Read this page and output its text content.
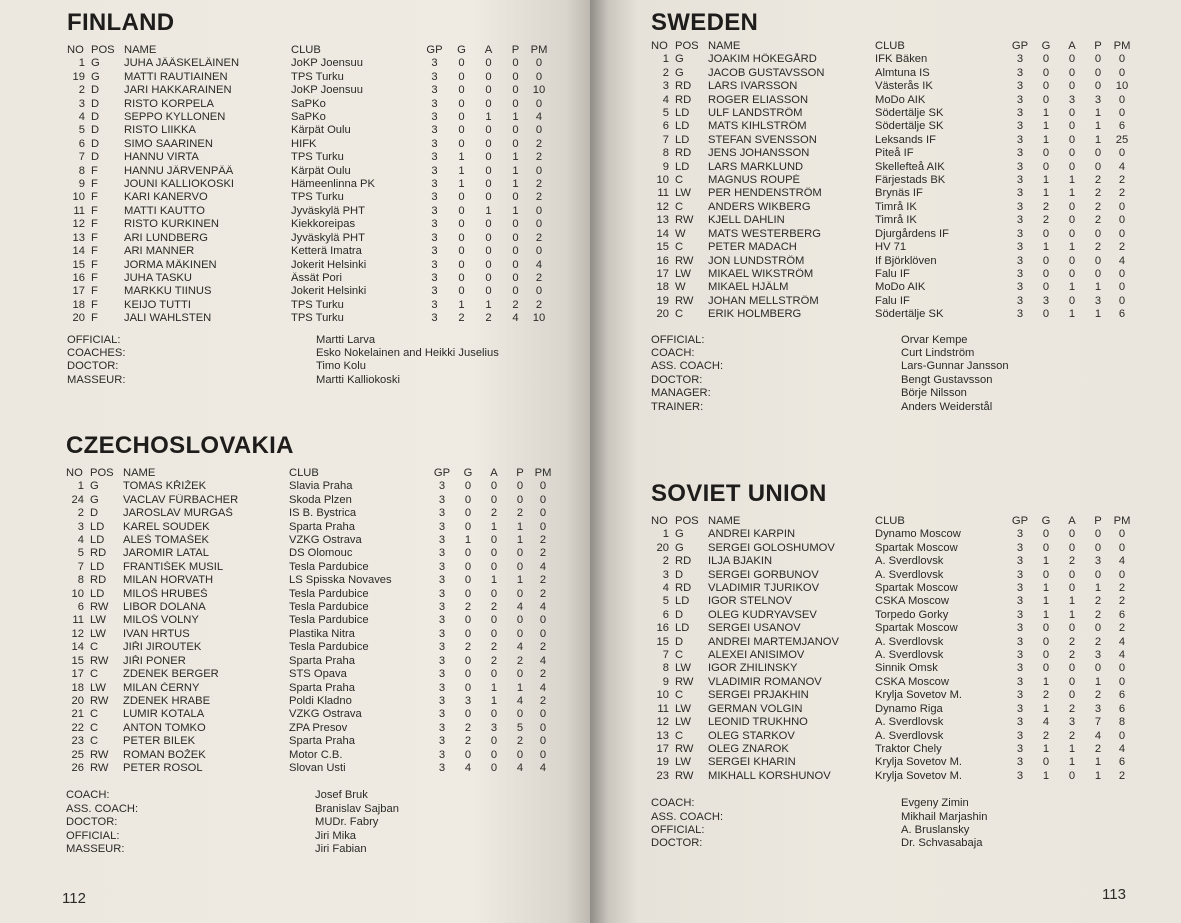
FINLAND
NO	POS	NAME	CLUB	GP	G	A	P	PM
1	G	JUHA JÄÄSKELÄINEN	JoKP Joensuu	3	0	0	0	0
19	G	MATTI RAUTIAINEN	TPS Turku	3	0	0	0	0
2	D	JARI HAKKARAINEN	JoKP Joensuu	3	0	0	0	10
3	D	RISTO KORPELA	SaPKo	3	0	0	0	0
4	D	SEPPO KYLLONEN	SaPKo	3	0	1	1	4
5	D	RISTO LIIKKA	Kärpät Oulu	3	0	0	0	0
6	D	SIMO SAARINEN	HIFK	3	0	0	0	2
7	D	HANNU VIRTA	TPS Turku	3	1	0	1	2
8	F	HANNU JÄRVENPÄÄ	Kärpät Oulu	3	1	0	1	0
9	F	JOUNI KALLIOKOSKI	Hämeenlinna PK	3	1	0	1	2
10	F	KARI KANERVO	TPS Turku	3	0	0	0	2
11	F	MATTI KAUTTO	Jyväskylä PHT	3	0	1	1	0
12	F	RISTO KURKINEN	Kiekkoreipas	3	0	0	0	0
13	F	ARI LUNDBERG	Jyväskylä PHT	3	0	0	0	2
14	F	ARI MANNER	Ketterä Imatra	3	0	0	0	0
15	F	JORMA MÄKINEN	Jokerit Helsinki	3	0	0	0	4
16	F	JUHA TASKU	Ässät Pori	3	0	0	0	2
17	F	MARKKU TIINUS	Jokerit Helsinki	3	0	0	0	0
18	F	KEIJO TUTTI	TPS Turku	3	1	1	2	2
20	F	JALI WAHLSTEN	TPS Turku	3	2	2	4	10
OFFICIAL:	Martti Larva
COACHES:	Esko Nokelainen and Heikki Juselius
DOCTOR:	Timo Kolu
MASSEUR:	Martti Kalliokoski
CZECHOSLOVAKIA
NO	POS	NAME	CLUB	GP	G	A	P	PM
1	G	TOMAS KŘIŽEK	Slavia Praha	3	0	0	0	0
24	G	VACLAV FÜRBACHER	Skoda Plzen	3	0	0	0	0
2	D	JAROSLAV MURGAŠ	IS B. Bystrica	3	0	2	2	0
3	LD	KAREL SOUDEK	Sparta Praha	3	0	1	1	0
4	LD	ALEŠ TOMAŠEK	VZKG Ostrava	3	1	0	1	2
5	RD	JAROMIR LATAL	DS Olomouc	3	0	0	0	2
7	LD	FRANTIŠEK MUSIL	Tesla Pardubice	3	0	0	0	4
8	RD	MILAN HORVATH	LS Spisska Novaves	3	0	1	1	2
10	LD	MILOŠ HRUBEŠ	Tesla Pardubice	3	0	0	0	2
6	RW	LIBOR DOLANA	Tesla Pardubice	3	2	2	4	4
11	LW	MILOŠ VOLNY	Tesla Pardubice	3	0	0	0	0
12	LW	IVAN HRTUS	Plastika Nitra	3	0	0	0	0
14	C	JIŘI JIROUTEK	Tesla Pardubice	3	2	2	4	2
15	RW	JIŘI PONER	Sparta Praha	3	0	2	2	4
17	C	ZDENEK BERGER	STS Opava	3	0	0	0	2
18	LW	MILAN ČERNY	Sparta Praha	3	0	1	1	4
20	RW	ZDENEK HRABE	Poldi Kladno	3	3	1	4	2
21	C	LUMIR KOTALA	VZKG Ostrava	3	0	0	0	0
22	C	ANTON TOMKO	ZPA Presov	3	2	3	5	0
23	C	PETER BILEK	Sparta Praha	3	2	0	2	0
25	RW	ROMAN BOŽEK	Motor C.B.	3	0	0	0	0
26	RW	PETER ROSOL	Slovan Usti	3	4	0	4	4
COACH:	Josef Bruk
ASS. COACH:	Branislav Sajban
DOCTOR:	MUDr. Fabry
OFFICIAL:	Jiri Mika
MASSEUR:	Jiri Fabian
112
SWEDEN
NO	POS	NAME	CLUB	GP	G	A	P	PM
1	G	JOAKIM HÖKEGÅRD	IFK Bäken	3	0	0	0	0
2	G	JACOB GUSTAVSSON	Almtuna IS	3	0	0	0	0
3	RD	LARS IVARSSON	Västerås IK	3	0	0	0	10
4	RD	ROGER ELIASSON	MoDo AIK	3	0	3	3	0
5	LD	ULF LANDSTRÖM	Södertälje SK	3	1	0	1	0
6	LD	MATS KIHLSTRÖM	Södertälje SK	3	1	0	1	6
7	LD	STEFAN SVENSSON	Leksands IF	3	1	0	1	25
8	RD	JENS JOHANSSON	Piteå IF	3	0	0	0	0
9	LD	LARS MARKLUND	Skellefteå AIK	3	0	0	0	4
10	C	MAGNUS ROUPÉ	Färjestads BK	3	1	1	2	2
11	LW	PER HENDENSTRÖM	Brynäs IF	3	1	1	2	2
12	C	ANDERS WIKBERG	Timrå IK	3	2	0	2	0
13	RW	KJELL DAHLIN	Timrå IK	3	2	0	2	0
14	W	MATS WESTERBERG	Djurgårdens IF	3	0	0	0	0
15	C	PETER MADACH	HV 71	3	1	1	2	2
16	RW	JON LUNDSTRÖM	If Björklöven	3	0	0	0	4
17	LW	MIKAEL WIKSTRÖM	Falu IF	3	0	0	0	0
18	W	MIKAEL HJÄLM	MoDo AIK	3	0	1	1	0
19	RW	JOHAN MELLSTRÖM	Falu IF	3	3	0	3	0
20	C	ERIK HOLMBERG	Södertälje SK	3	0	1	1	6
OFFICIAL:	Orvar Kempe
COACH:	Curt Lindström
ASS. COACH:	Lars-Gunnar Jansson
DOCTOR:	Bengt Gustavsson
MANAGER:	Börje Nilsson
TRAINER:	Anders Weiderstål
SOVIET UNION
NO	POS	NAME	CLUB	GP	G	A	P	PM
1	G	ANDREI KARPIN	Dynamo Moscow	3	0	0	0	0
20	G	SERGEI GOLOSHUMOV	Spartak Moscow	3	0	0	0	0
2	RD	ILJA BJAKIN	A. Sverdlovsk	3	1	2	3	4
3	D	SERGEI GORBUNOV	A. Sverdlovsk	3	0	0	0	0
4	RD	VLADIMIR TJURIKOV	Spartak Moscow	3	1	0	1	2
5	LD	IGOR STELNOV	CSKA Moscow	3	1	1	2	2
6	D	OLEG KUDRYAVSEV	Torpedo Gorky	3	1	1	2	6
16	LD	SERGEI USANOV	Spartak Moscow	3	0	0	0	2
15	D	ANDREI MARTEMJANOV	A. Sverdlovsk	3	0	2	2	4
7	C	ALEXEI ANISIMOV	A. Sverdlovsk	3	0	2	3	4
8	LW	IGOR ZHILINSKY	Sinnik Omsk	3	0	0	0	0
9	RW	VLADIMIR ROMANOV	CSKA Moscow	3	1	0	1	0
10	C	SERGEI PRJAKHIN	Krylja Sovetov M.	3	2	0	2	6
11	LW	GERMAN VOLGIN	Dynamo Riga	3	1	2	3	6
12	LW	LEONID TRUKHNO	A. Sverdlovsk	3	4	3	7	8
13	C	OLEG STARKOV	A. Sverdlovsk	3	2	2	4	0
17	RW	OLEG ZNAROK	Traktor Chely	3	1	1	2	4
19	LW	SERGEI KHARIN	Krylja Sovetov M.	3	0	1	1	6
23	RW	MIKHALL KORSHUNOV	Krylja Sovetov M.	3	1	0	1	2
COACH:	Evgeny Zimin
ASS. COACH:	Mikhail Marjashin
OFFICIAL:	A. Bruslansky
DOCTOR:	Dr. Schvasabaja
113
